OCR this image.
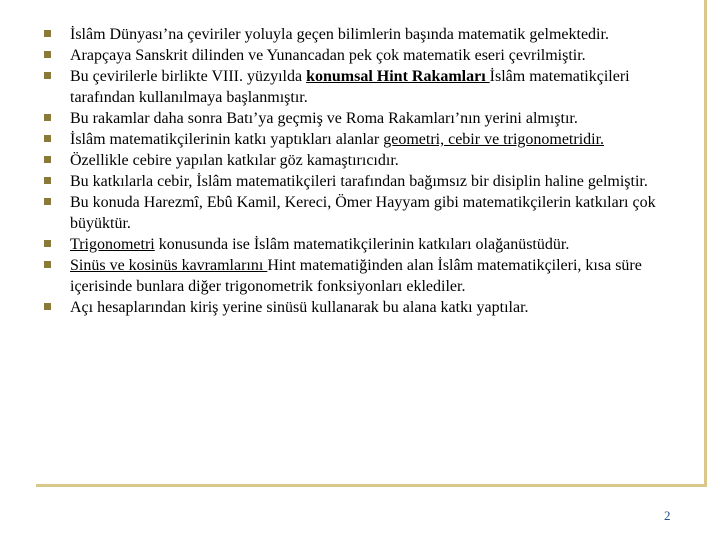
İslâm Dünyası’na çeviriler yoluyla geçen bilimlerin başında matematik gelmektedir.
Arapçaya Sanskrit dilinden ve Yunancadan pek çok matematik eseri çevrilmiştir.
Bu çevirilerle birlikte VIII. yüzyılda konumsal Hint Rakamları İslâm matematikçileri tarafından kullanılmaya başlanmıştır.
Bu rakamlar daha sonra Batı’ya geçmiş ve Roma Rakamları’nın yerini almıştır.
İslâm matematikçilerinin katkı yaptıkları alanlar geometri, cebir ve trigonometridir.
Özellikle cebire yapılan katkılar göz kamaştırıcıdır.
Bu katkılarla cebir, İslâm matematikçileri tarafından bağımsız bir disiplin haline gelmiştir.
Bu konuda Harezmî, Ebû Kamil, Kereci, Ömer Hayyam gibi matematikçilerin katkıları çok büyüktür.
Trigonometri konusunda ise İslâm matematikçilerinin katkıları olağanüstüdür.
Sinüs ve kosinüs kavramlarını Hint matematiğinden alan İslâm matematikçileri, kısa süre içerisinde bunlara diğer trigonometrik fonksiyonları eklediler.
Açı hesaplarından kiriş yerine sinüsü kullanarak bu alana katkı yaptılar.
2
